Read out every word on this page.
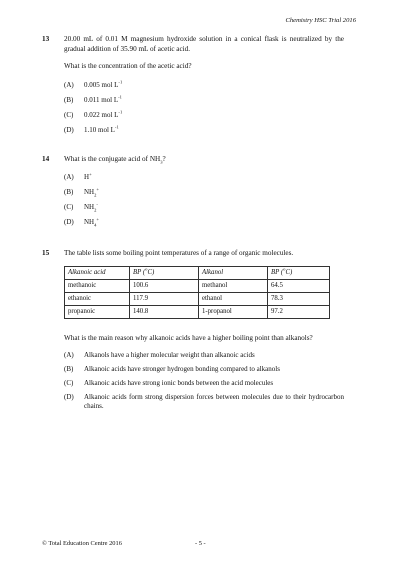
Chemistry HSC Trial 2016
13 20.00 mL of 0.01 M magnesium hydroxide solution in a conical flask is neutralized by the gradual addition of 35.90 mL of acetic acid.
What is the concentration of the acetic acid?
(A)	0.005 mol $L^{-1}$
(B)	0.011 mol $L^{-1}$
(C)	0.022 mol $L^{-1}$
(D)	1.10 mol $L^{-1}$
14 What is the conjugate acid of $NH_3$?
(A)	H+
(B)	$NH_2^+$
(C)	$NH_2^-$
(D)	$NH_4^+$
15 The table lists some boiling point temperatures of a range of organic molecules.
Alkanoic acid	BP ($^o$C)	Alkanol	BP ($^o$C)
methanoic	100.6	methanol	64.5
ethanoic	117.9	ethanol	78.3
propanoic	140.8	1-propanol	97.2
What is the main reason why alkanoic acids have a higher boiling point than alkanols?
(A)	Alkanols have a higher molecular weight than alkanoic acids
(B)	Alkanoic acids have stronger hydrogen bonding compared to alkanols
(C)	Alkanoic acids have strong ionic bonds between the acid molecules
(D)	Alkanoic acids form strong dispersion forces between molecules due to their hydrocarbon chains.
© Total Education Centre 2016	- 5 -
